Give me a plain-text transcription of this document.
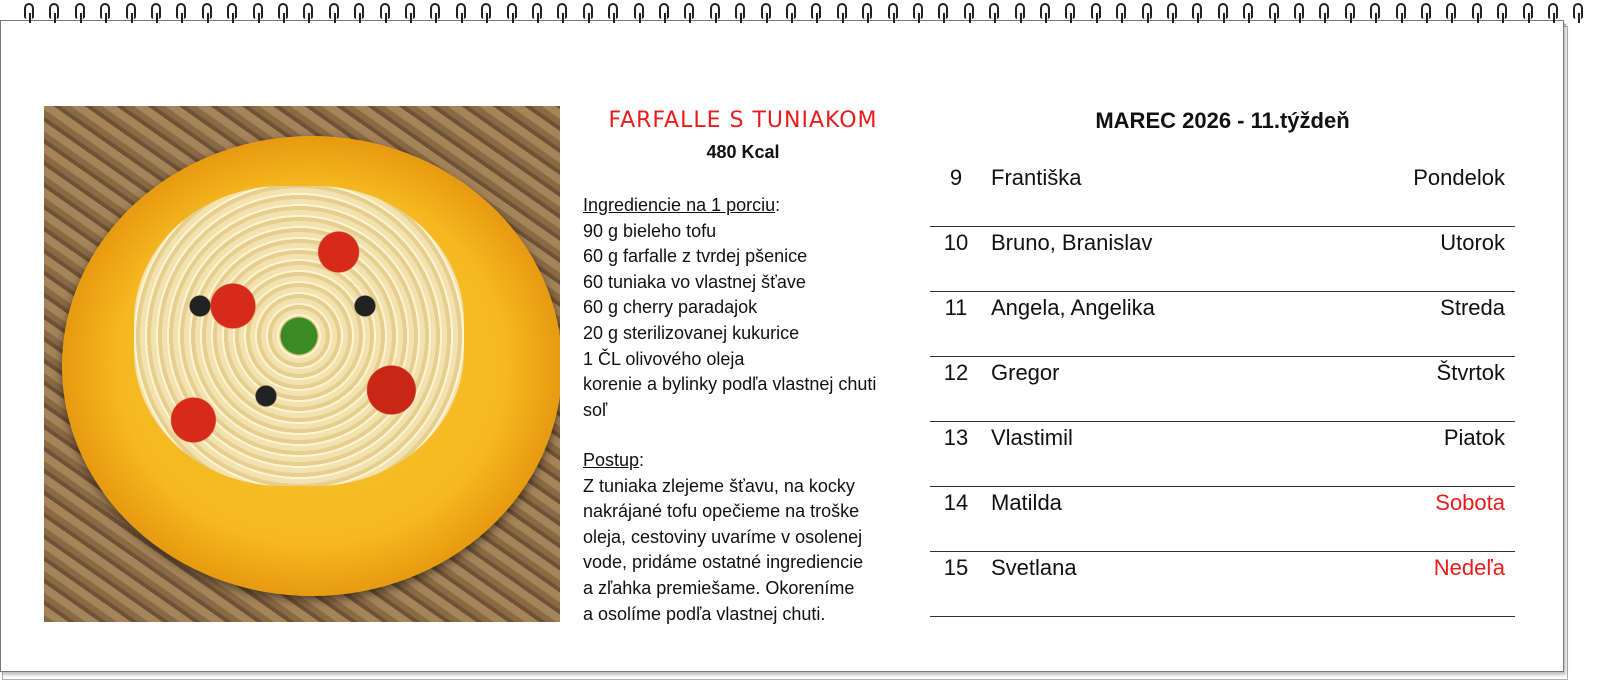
FARFALLE S TUNIAKOM
480 Kcal
Ingrediencie na 1 porciu:
90 g bieleho tofu
60 g farfalle z tvrdej pšenice
60 tuniaka vo vlastnej šťave
60 g cherry paradajok
20 g sterilizovanej kukurice
1 ČL olivového oleja
korenie a bylinky podľa vlastnej chuti
soľ
Postup:
Z tuniaka zlejeme šťavu, na kocky
nakrájané tofu opečieme na troške
oleja, cestoviny uvaríme v osolenej
vode, pridáme ostatné ingrediencie
a zľahka premiešame. Okoreníme
a osolíme podľa vlastnej chuti.
MAREC 2026 - 11.týždeň
9	Františka	Pondelok
10	Bruno, Branislav	Utorok
11	Angela, Angelika	Streda
12	Gregor	Štvrtok
13	Vlastimil	Piatok
14	Matilda	Sobota
15	Svetlana	Nedeľa
